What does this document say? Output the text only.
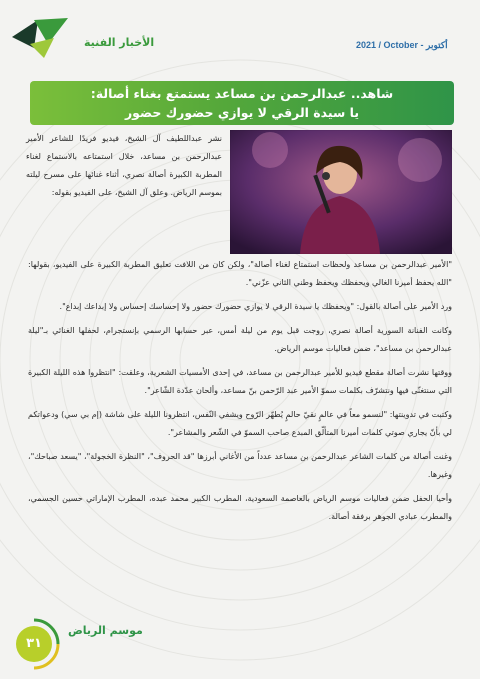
2021 / October - أكتوبر
الأخبار الفنية
شاهد.. عبدالرحمن بن مساعد يستمتع بغناء أصالة:
يا سيدة الرقي لا يوازي حضورك حضور

نشر عبداللطيف آل الشيخ، فيديو فريدًا للشاعر الأمير عبدالرحمن بن مساعد، خلال استمتاعه بالاستماع لغناء المطربة الكبيرة أصالة نصري، أثناء غنائها على مسرح ليلته بموسم الرياض. وعلق آل الشيخ، على الفيديو بقوله:

"الأمير عبدالرحمن بن مساعد ولحظات استمتاع لغناء أصالة"، ولكن كان من اللافت تعليق المطربة الكبيرة على الفيديو، بقولها: "الله يحفظ أميرنا الغالي ويحفظك ويحفظ وطني الثاني عزّني".

ورد الأمير على أصالة بالقول: "ويحفظك يا سيدة الرقي لا يوازي حضورك حضور ولا إحساسك إحساس ولا إبداعك إبداع".

وكانت الفنانة السورية أصالة نصري، روجت قبل يوم من ليلة أمس، عبر حسابها الرسمي بإنستجرام، لحفلها الغنائي بـ"ليلة عبدالرحمن بن مساعد"، ضمن فعاليات موسم الرياض.

ووقتها نشرت أصالة مقطع فيديو للأمير عبدالرحمن بن مساعد، في إحدى الأمسيات الشعرية، وعلقت: "انتظروا هذه الليلة الكبيرة التي سنتغنّى فيها ونتشرّف بكلمات سموّ الأمير عبد الرّحمن بنّ مساعد، وألحان عدّدة الشّاعر".

وكتبت في تدوينتها: "لنسمو معاً في عالمٍ نقيّ حالمٍ يُطهّر الرّوح ويشفي النّفس، انتظرونا الليلة على شاشة (إم بي سي) ودعواتكم لي بأنّ يجاري صوتي كلمات أميرنا المتألّق المبدع صاحب السموّ في الشّعر والمشاعر".

وغنت أصالة من كلمات الشاعر عبدالرحمن بن مساعد عدداً من الأغاني أبرزها "قد الحروف"، "النظرة الخجولة"، "يسعد صباحك"، وغيرها.

وأحيا الحفل ضمن فعاليات موسم الرياض بالعاصمة السعودية، المطرب الكبير محمد عبده، المطرب الإماراتي حسين الجسمي، والمطرب عبادي الجوهر برفقة أصالة.

٣١
موسم الرياض
